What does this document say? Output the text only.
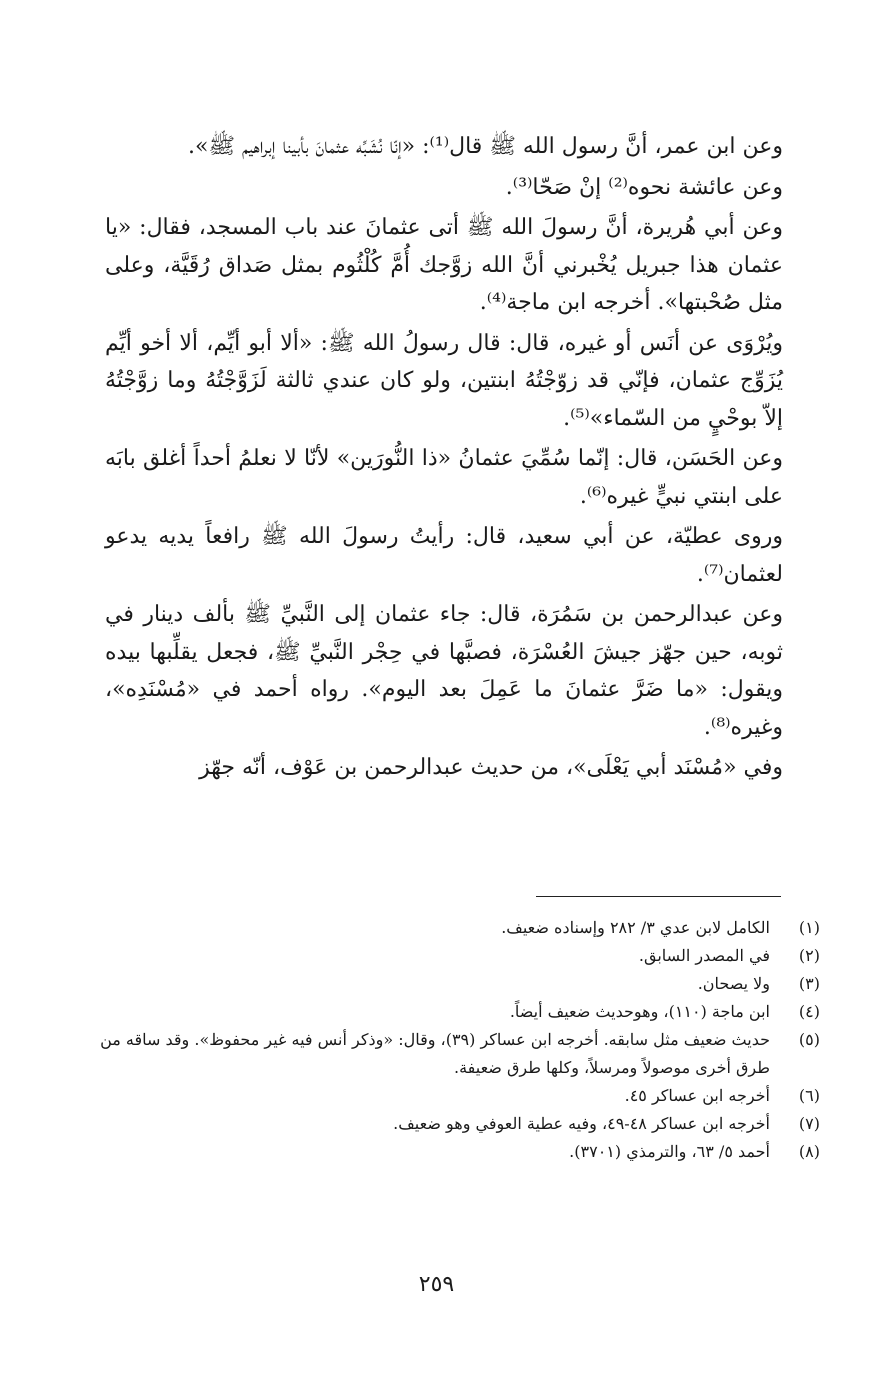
وعن ابن عمر، أنَّ رسول الله ﷺ قال⁽¹⁾: «إنّا نُشَبِّه عثمانَ بأبينا إبراهيم ﷺ».

وعن عائشة نحوه⁽²⁾ إنْ صَحّا⁽³⁾.

وعن أبي هُريرة، أنَّ رسولَ الله ﷺ أتى عثمانَ عند باب المسجد، فقال: «يا عثمان هذا جبريل يُخْبرني أنَّ الله زوَّجك أُمَّ كُلْثُوم بمثل صَداق رُقَيَّة، وعلى مثل صُحْبتها». أخرجه ابن ماجة⁽⁴⁾.

ويُرْوَى عن أنَس أو غيره، قال: قال رسولُ الله ﷺ: «ألا أبو أيِّم، ألا أخو أيِّم يُزَوِّج عثمان، فإنّي قد زوّجْتُهُ ابنتين، ولو كان عندي ثالثة لَزَوَّجْتُهُ وما زوَّجْتُهُ إلاّ بوحْيٍ من السّماء»⁽⁵⁾.

وعن الحَسَن، قال: إنّما سُمِّيَ عثمانُ «ذا النُّورَين» لأنّا لا نعلمُ أحداً أغلق بابَه على ابنتي نبيٍّ غيره⁽⁶⁾.

وروى عطيّة، عن أبي سعيد، قال: رأيتُ رسولَ الله ﷺ رافعاً يديه يدعو لعثمان⁽⁷⁾.

وعن عبدالرحمن بن سَمُرَة، قال: جاء عثمان إلى النَّبيِّ ﷺ بألف دينار في ثوبه، حين جهّز جيشَ العُسْرَة، فصبَّها في حِجْر النَّبيِّ ﷺ، فجعل يقلِّبها بيده ويقول: «ما ضَرَّ عثمانَ ما عَمِلَ بعد اليوم». رواه أحمد في «مُسْنَدِه»، وغيره⁽⁸⁾.

وفي «مُسْنَد أبي يَعْلَى»، من حديث عبدالرحمن بن عَوْف، أنّه جهّز

(١)
الكامل لابن عدي ٣/ ٢٨٢ وإسناده ضعيف.
(٢)
في المصدر السابق.
(٣)
ولا يصحان.
(٤)
ابن ماجة (١١٠)، وهوحديث ضعيف أيضاً.
(٥)
حديث ضعيف مثل سابقه. أخرجه ابن عساكر (٣٩)، وقال: «وذكر أنس فيه غير محفوظ». وقد ساقه من طرق أخرى موصولاً ومرسلاً، وكلها طرق ضعيفة.
(٦)
أخرجه ابن عساكر ٤٥.
(٧)
أخرجه ابن عساكر ٤٨-٤٩، وفيه عطية العوفي وهو ضعيف.
(٨)
أحمد ٥/ ٦٣، والترمذي (٣٧٠١).
٢٥٩
